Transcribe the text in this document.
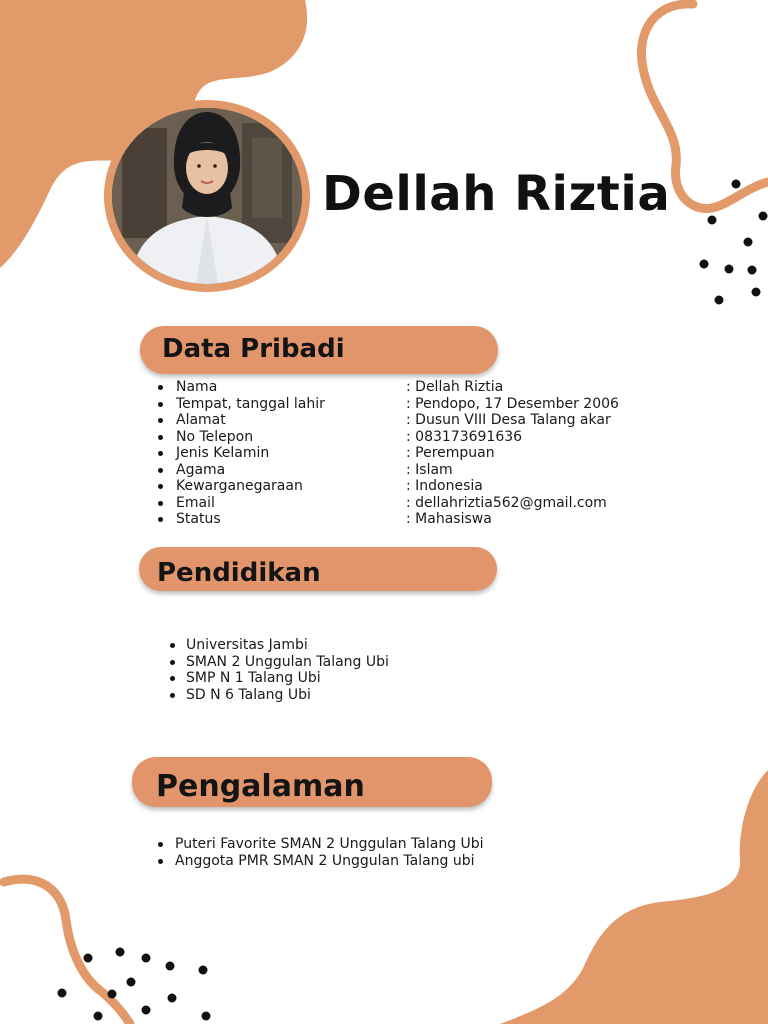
Dellah Riztia
Data Pribadi
Nama	: Dellah Riztia
Tempat, tanggal lahir	: Pendopo, 17 Desember 2006
Alamat	: Dusun VIII Desa Talang akar
No Telepon	: 083173691636
Jenis Kelamin	: Perempuan
Agama	: Islam
Kewarganegaraan	: Indonesia
Email	: dellahriztia562@gmail.com
Status	: Mahasiswa
Pendidikan
Universitas Jambi
SMAN 2 Unggulan Talang Ubi
SMP N 1 Talang Ubi
SD N 6 Talang Ubi
Pengalaman
Puteri Favorite SMAN 2 Unggulan Talang Ubi
Anggota PMR SMAN 2 Unggulan Talang ubi
